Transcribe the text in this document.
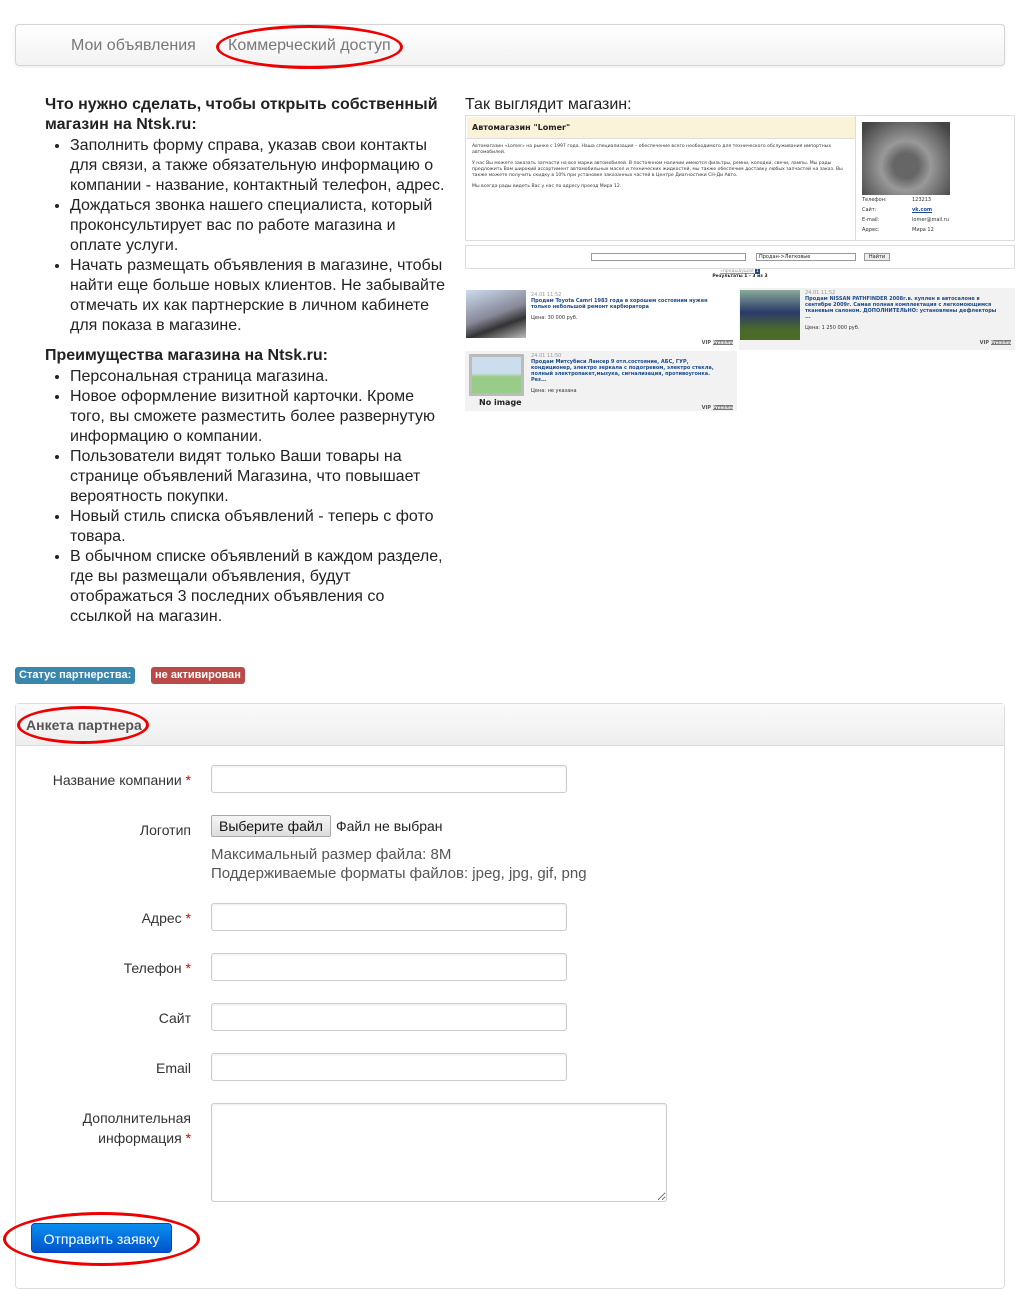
Мои объявления Коммерческий доступ
Что нужно сделать, чтобы открыть собственный магазин на Ntsk.ru:
• Заполнить форму справа, указав свои контакты для связи, а также обязательную информацию о компании - название, контактный телефон, адрес.
• Дождаться звонка нашего специалиста, который проконсультирует вас по работе магазина и оплате услуги.
• Начать размещать объявления в магазине, чтобы найти еще больше новых клиентов. Не забывайте отмечать их как партнерские в личном кабинете для показа в магазине.
Преимущества магазина на Ntsk.ru:
• Персональная страница магазина.
• Новое оформление визитной карточки. Кроме того, вы сможете разместить более развернутую информацию о компании.
• Пользователи видят только Ваши товары на странице объявлений Магазина, что повышает вероятность покупки.
• Новый стиль списка объявлений - теперь с фото товара.
• В обычном списке объявлений в каждом разделе, где вы размещали объявления, будут отображаться 3 последних объявления со ссылкой на магазин.
Так выглядит магазин:
Автомагазин "Lomer"

Автомагазин «Lomer» на рынке с 1997 года. Наша специализация – обеспечение всего необходимого для технического обслуживания импортных автомобилей.

У нас Вы можете заказать запчасти на все марки автомобилей. В постоянном наличии имеются фильтры, ремни, колодки, свечи, лампы. Мы рады предложить Вам широкий ассортимент автомобильных масел и технических жидкостей, мы также обеспечим доставку любых запчастей на заказ. Вы также можете получить скидку в 10% при установке заказанных частей в Центре Диагностики СН-Ди Авто.

Мы всегда рады видеть Вас у нас по адресу проезд Мира 12.

Телефон:	123213
Сайт:	vk.com
E-mail:	lomer@mail.ru
Адрес:	Мира 12
Продан->Легковые	Найти
«предыдущая 1
Результаты 1 - 3 из 3
24.01 11:52
Продам Toyota Camri 1983 года в хорошем состоянии нужен только небольшой ремонт карбюратора
Цена: 30 000 руб.
VIP Premium
24.01 11:52
Продам NISSAN PATHFINDER 2008г.в. куплен в автосалоне в сентябре 2009г. Самая полная комплектация с легкомоющимся тканевым салоном. ДОПОЛНИТЕЛЬНО: установлены дефлекторы ...
Цена: 1 250 000 руб.
VIP Premium
No image
24.01 11:50
Продам Митсубиси Лансер 9 отл.состояние, АБС, ГУР, кондиционер, электро зеркала с подогревом, электро стекла, полный электропакет,мызука, сигнализация, противоугонка. Рез...
Цена: не указана
VIP Premium
Статус партнерства:	не активирован
Анкета партнера
Название компании *
Логотип	Выберите файл Файл не выбран
Максимальный размер файла: 8M
Поддерживаемые форматы файлов: jpeg, jpg, gif, png
Адрес *
Телефон *
Сайт
Email
Дополнительная
информация *
Отправить заявку
